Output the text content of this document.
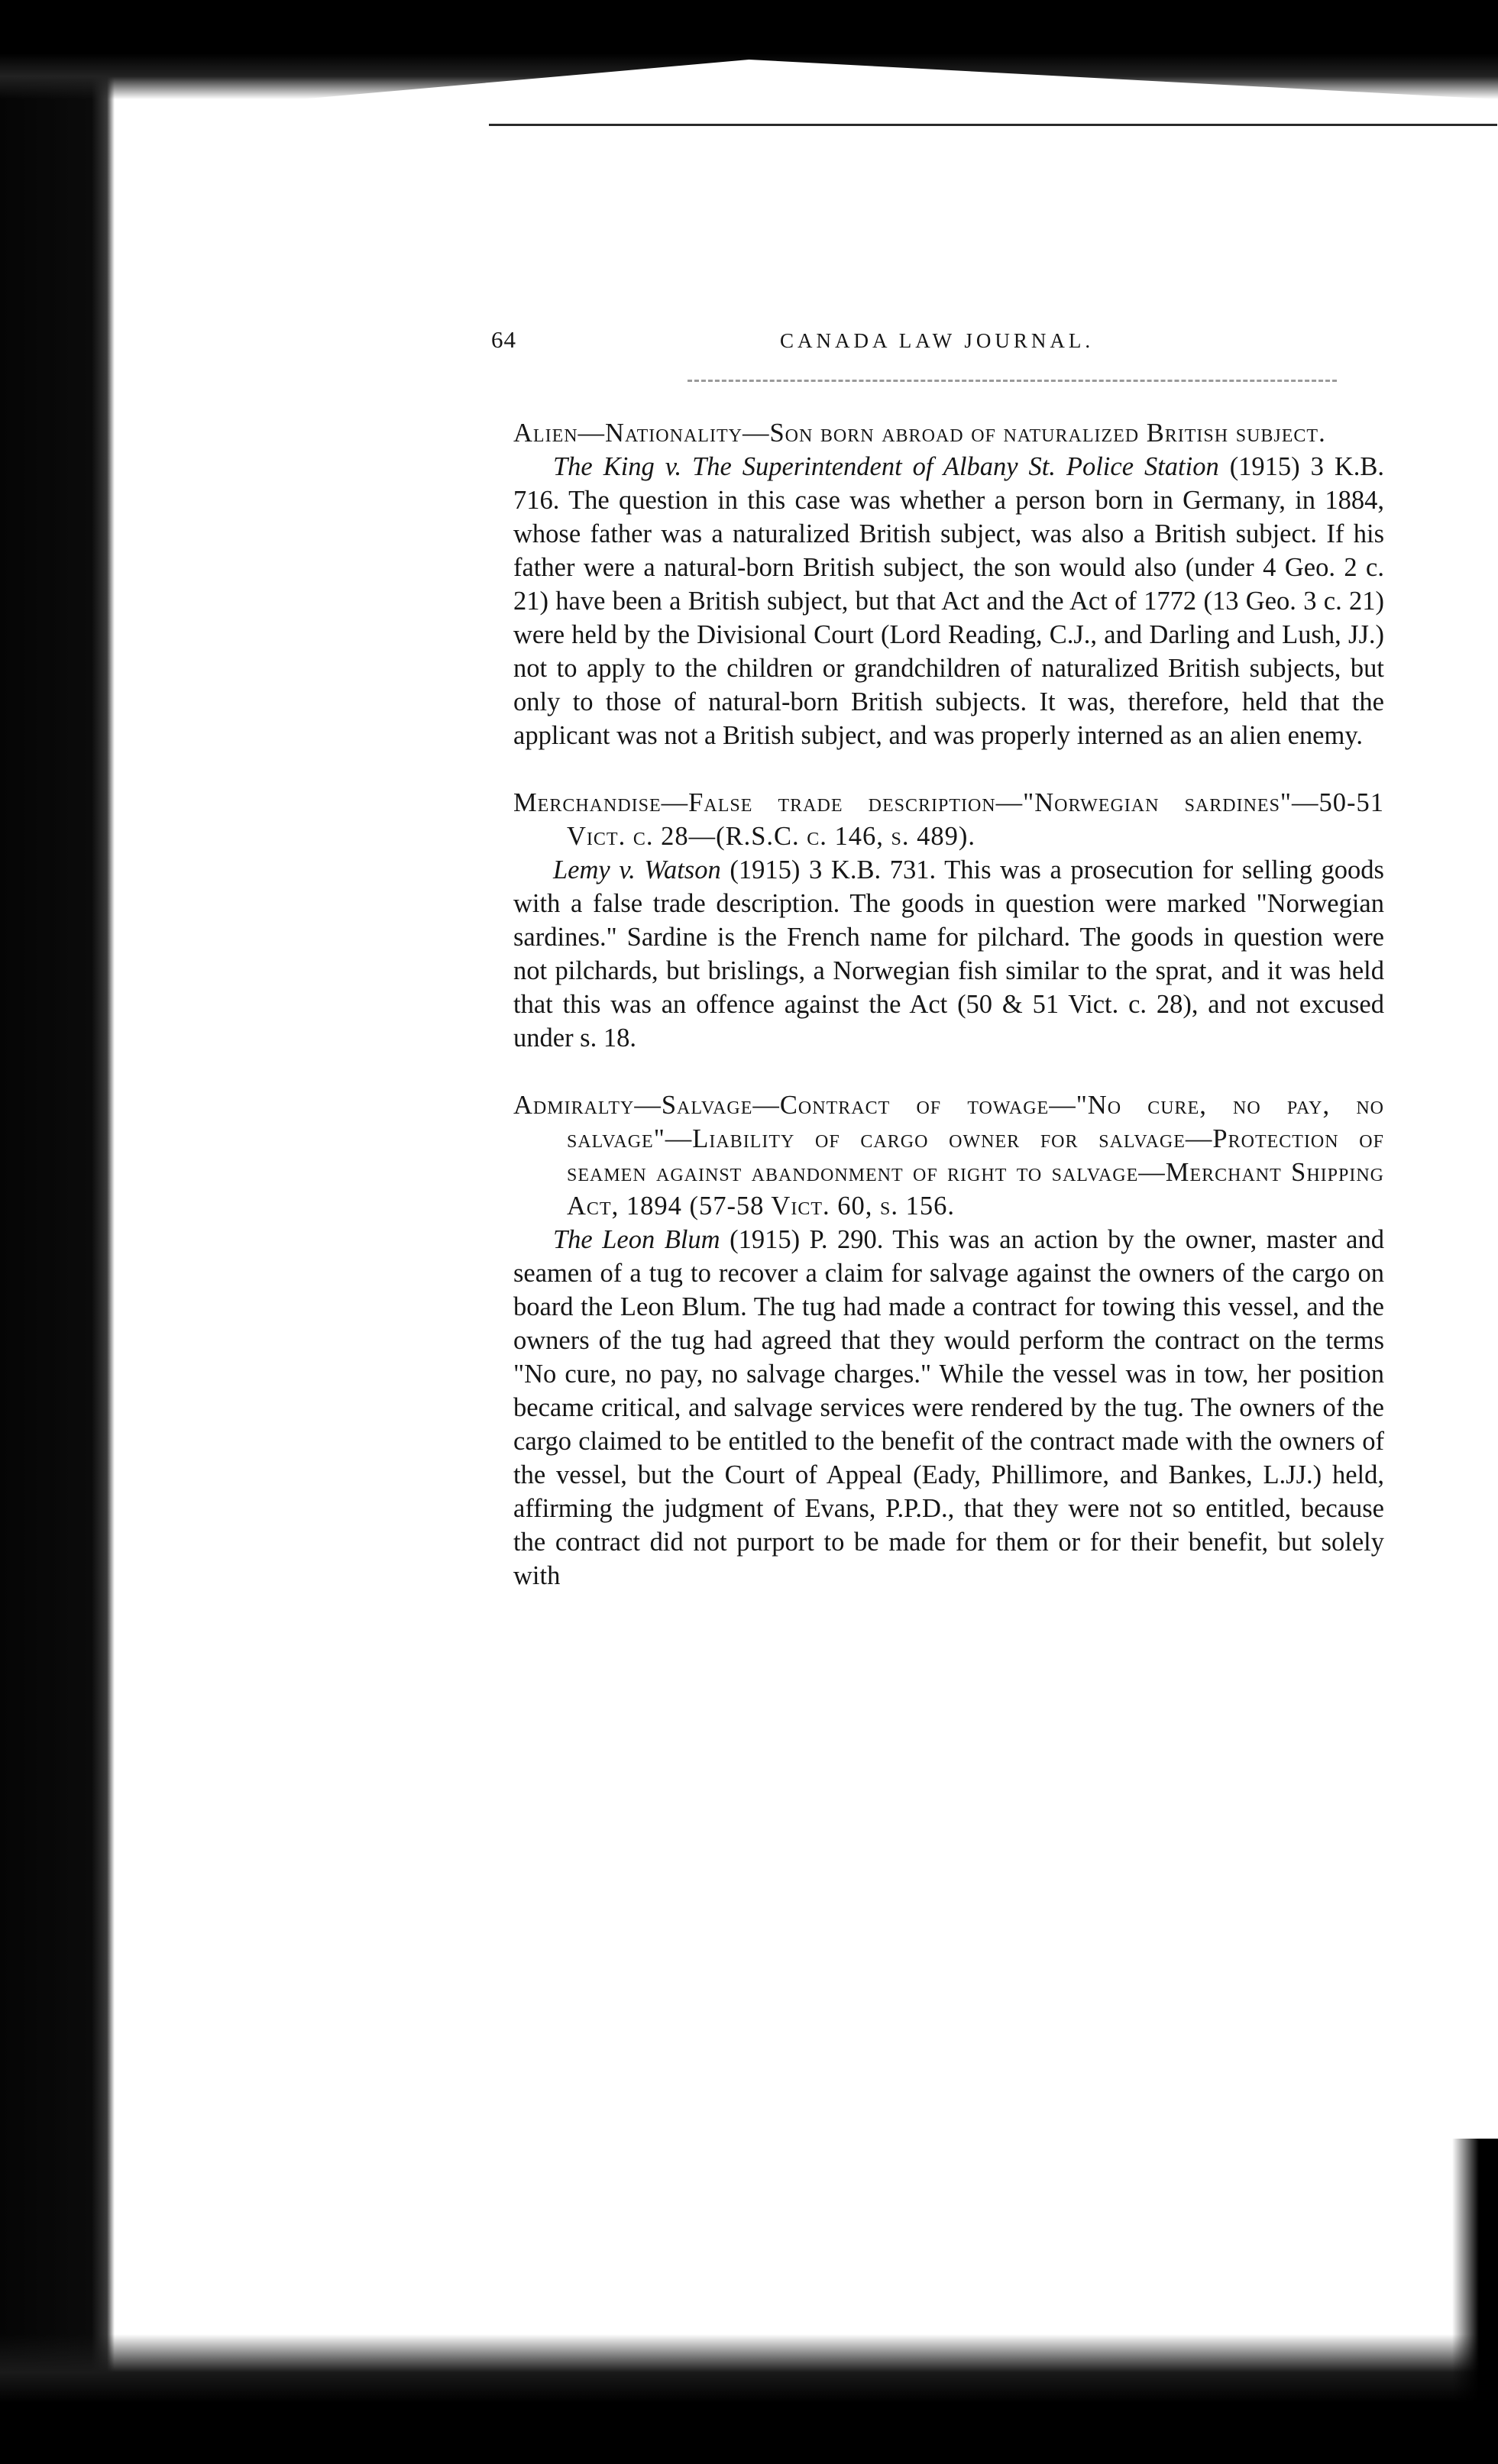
64	CANADA LAW JOURNAL.

Alien—Nationality—Son born abroad of naturalized British subject.

The King v. The Superintendent of Albany St. Police Station (1915) 3 K.B. 716. The question in this case was whether a person born in Germany, in 1884, whose father was a naturalized British subject, was also a British subject. If his father were a natural-born British subject, the son would also (under 4 Geo. 2 c. 21) have been a British subject, but that Act and the Act of 1772 (13 Geo. 3 c. 21) were held by the Divisional Court (Lord Reading, C.J., and Darling and Lush, JJ.) not to apply to the children or grandchildren of naturalized British subjects, but only to those of natural-born British subjects. It was, therefore, held that the applicant was not a British subject, and was properly interned as an alien enemy.

Merchandise—False trade description—"Norwegian sardines"—50-51 Vict. c. 28—(R.S.C. c. 146, s. 489).

Lemy v. Watson (1915) 3 K.B. 731. This was a prosecution for selling goods with a false trade description. The goods in question were marked "Norwegian sardines." Sardine is the French name for pilchard. The goods in question were not pilchards, but brislings, a Norwegian fish similar to the sprat, and it was held that this was an offence against the Act (50 & 51 Vict. c. 28), and not excused under s. 18.

Admiralty—Salvage—Contract of towage—"No cure, no pay, no salvage"—Liability of cargo owner for salvage—Protection of seamen against abandonment of right to salvage—Merchant Shipping Act, 1894 (57-58 Vict. 60, s. 156.

The Leon Blum (1915) P. 290. This was an action by the owner, master and seamen of a tug to recover a claim for salvage against the owners of the cargo on board the Leon Blum. The tug had made a contract for towing this vessel, and the owners of the tug had agreed that they would perform the contract on the terms "No cure, no pay, no salvage charges." While the vessel was in tow, her position became critical, and salvage services were rendered by the tug. The owners of the cargo claimed to be entitled to the benefit of the contract made with the owners of the vessel, but the Court of Appeal (Eady, Phillimore, and Bankes, L.JJ.) held, affirming the judgment of Evans, P.P.D., that they were not so entitled, because the contract did not purport to be made for them or for their benefit, but solely with
